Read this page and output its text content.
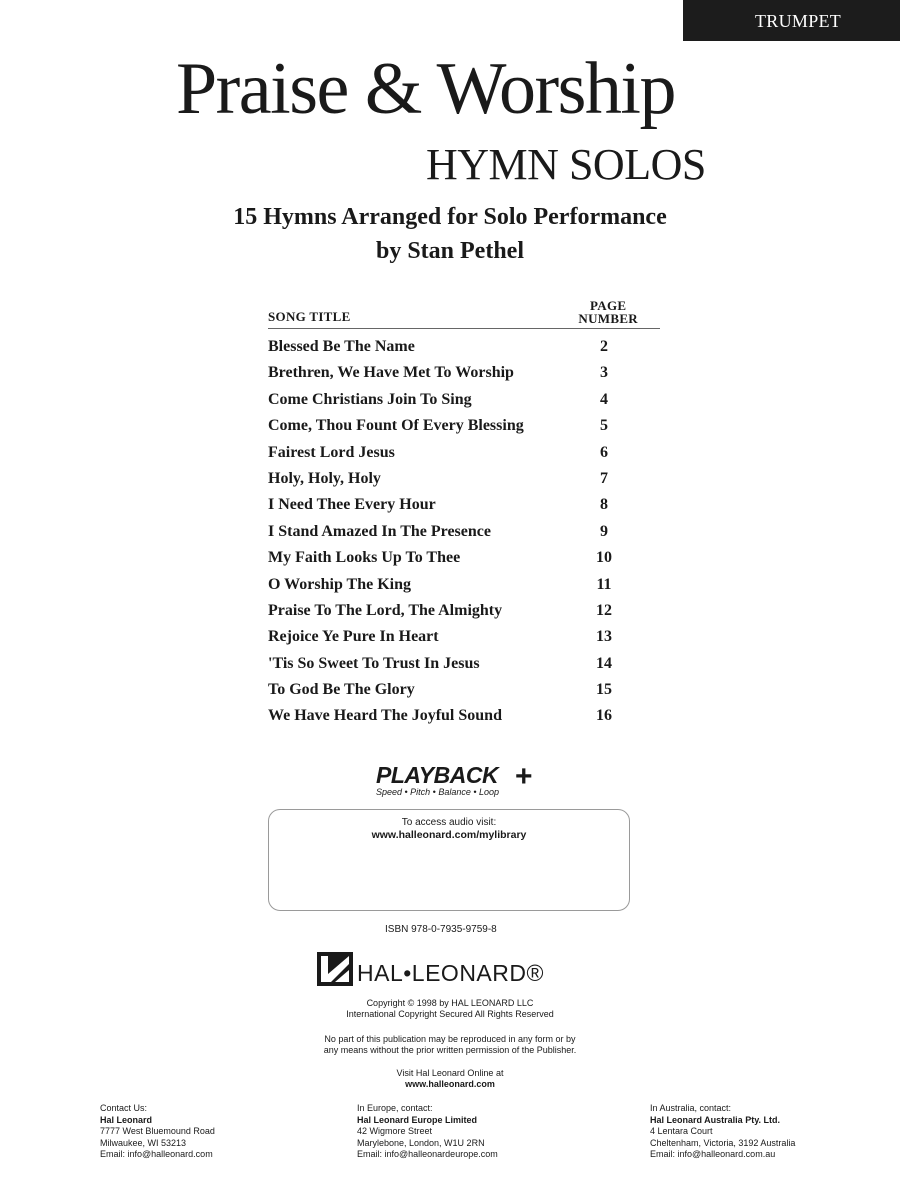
TRUMPET
Praise & Worship
HYMN SOLOS
15 Hymns Arranged for Solo Performance
by Stan Pethel
SONG TITLE
PAGE
NUMBER
Blessed Be The Name	2
Brethren, We Have Met To Worship	3
Come Christians Join To Sing	4
Come, Thou Fount Of Every Blessing	5
Fairest Lord Jesus	6
Holy, Holy, Holy	7
I Need Thee Every Hour	8
I Stand Amazed In The Presence	9
My Faith Looks Up To Thee	10
O Worship The King	11
Praise To The Lord, The Almighty	12
Rejoice Ye Pure In Heart	13
'Tis So Sweet To Trust In Jesus	14
To God Be The Glory	15
We Have Heard The Joyful Sound	16
PLAYBACK +
Speed • Pitch • Balance • Loop
To access audio visit:
www.halleonard.com/mylibrary
ISBN 978-0-7935-9759-8
HAL•LEONARD®
Copyright © 1998 by HAL LEONARD LLC
International Copyright Secured All Rights Reserved
No part of this publication may be reproduced in any form or by
any means without the prior written permission of the Publisher.
Visit Hal Leonard Online at
www.halleonard.com
Contact Us:
Hal Leonard
7777 West Bluemound Road
Milwaukee, WI 53213
Email: info@halleonard.com
In Europe, contact:
Hal Leonard Europe Limited
42 Wigmore Street
Marylebone, London, W1U 2RN
Email: info@halleonardeurope.com
In Australia, contact:
Hal Leonard Australia Pty. Ltd.
4 Lentara Court
Cheltenham, Victoria, 3192 Australia
Email: info@halleonard.com.au
